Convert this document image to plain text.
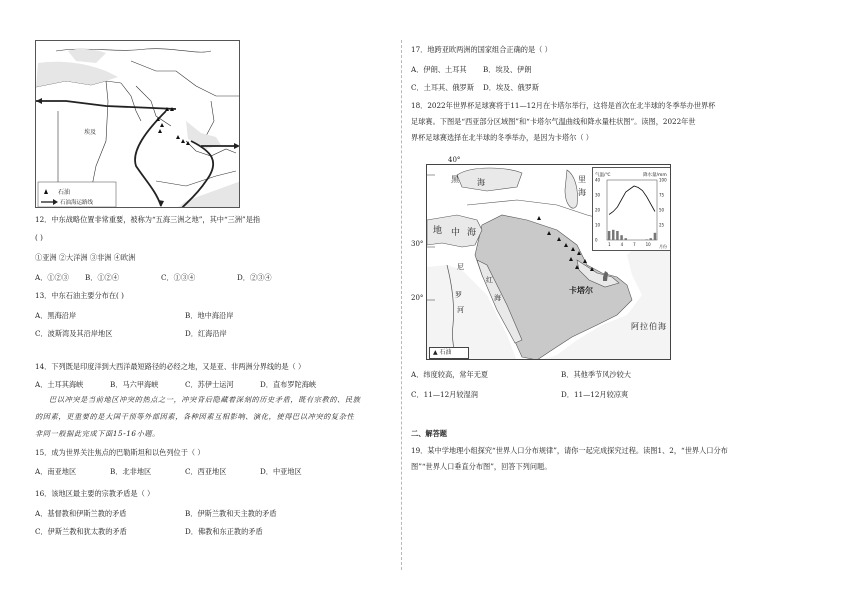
埃及
石油
石油海运路线
12．中东战略位置非常重要，被称为“五海三洲之地”，其中“三洲”是指
( )
①亚洲 ②大洋洲 ③非洲 ④欧洲
A．①②③	B．①②④	C．①③④	D．②③④
13．中东石油主要分布在( )
A．黑海沿岸	B．地中海沿岸
C．波斯湾及其沿岸地区	D．红海沿岸
14．下列既是印度洋到大西洋最短路径的必经之地，又是亚、非两洲分界线的是（ ）
A．土耳其海峡	B．马六甲海峡	C．苏伊士运河	D．直布罗陀海峡
巴以冲突是当前地区冲突的热点之一，冲突背后隐藏着深刻的历史矛盾，既有宗教的、民族
的因素，更重要的是大国干预等外部因素，各种因素互相影响、演化，使得巴以冲突的复杂性
非同一般据此完成下面15-16小题。
15．成为世界关注焦点的巴勒斯坦和以色列位于（ ）
A．南亚地区	B．北非地区	C．西亚地区	D．中亚地区
16．该地区最主要的宗教矛盾是（ ）
A．基督教和伊斯兰教的矛盾	B．伊斯兰教和天主教的矛盾
C．伊斯兰教和犹太教的矛盾	D．佛教和东正教的矛盾
17．地跨亚欧两洲的国家组合正确的是（ ）
A．伊朗、土耳其	B．埃及、伊朗
C．土耳其、俄罗斯	D．埃及、俄罗斯
18．2022年世界杯足球赛将于11—12月在卡塔尔举行，这将是首次在北半球的冬季举办世界杯
足球赛。下图是“西亚部分区域图”和“卡塔尔气温曲线和降水量柱状图”。读图，2022年世
界杯足球赛选择在北半球的冬季举办，是因为卡塔尔（ ）
黑 海	里
海
地 中 海
尼
罗
河
红
海
卡塔尔
阿拉伯海
▲ 石油
气温/℃	降水量/mm
40
30
20
10
0
100
75
50
25
1 4 7 10 月份
40°
30°
20°
A．纬度较高，常年无夏	B．其他季节风沙较大
C．11—12月较湿润	D．11—12月较凉爽
二、解答题
19．某中学地理小组探究“世界人口分布规律”，请你一起完成探究过程。读图1、2，“世界人口分布
图”“世界人口垂直分布图”，回答下列问题。
